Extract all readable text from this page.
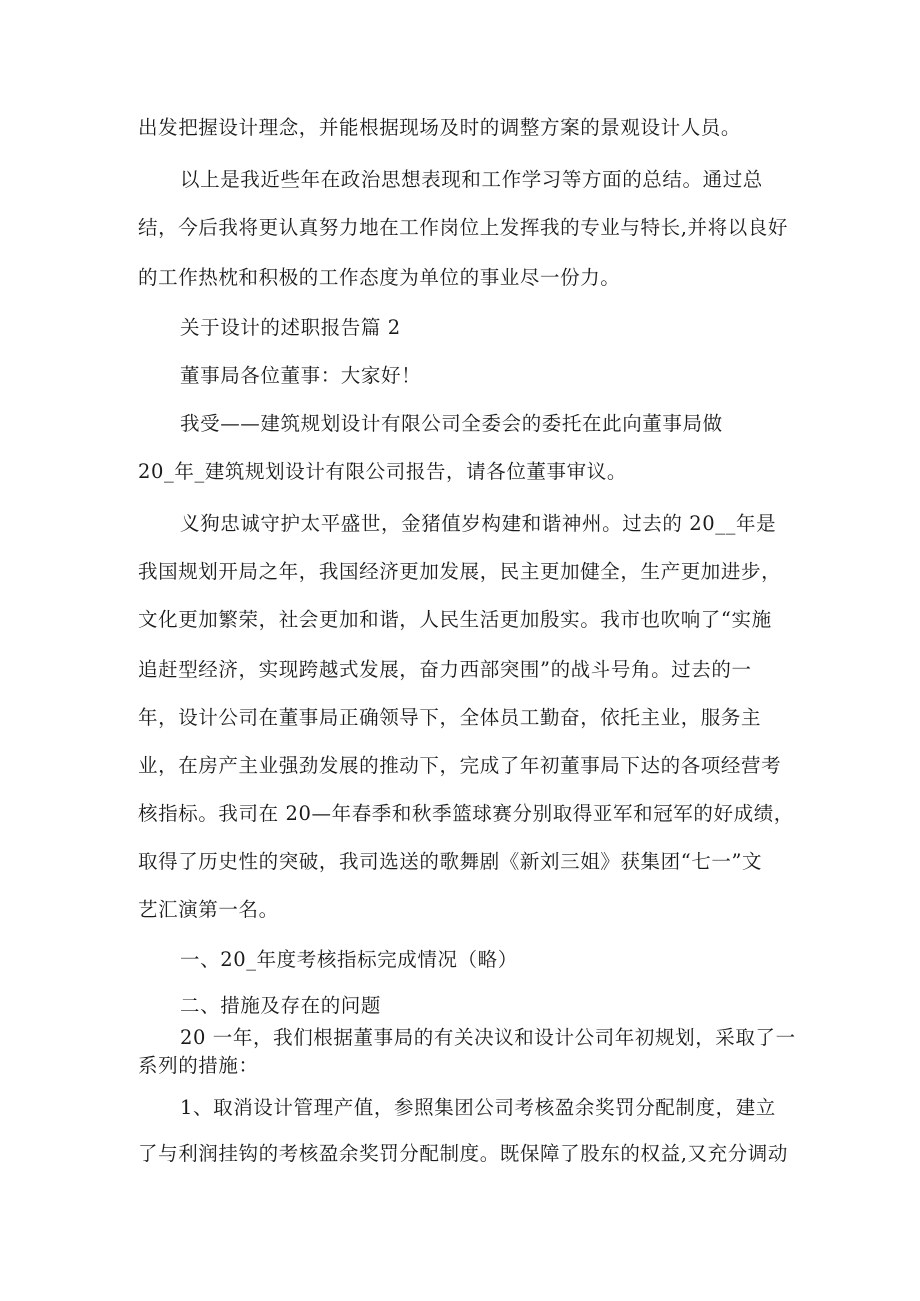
出发把握设计理念，并能根据现场及时的调整方案的景观设计人员。

以上是我近些年在政治思想表现和工作学习等方面的总结。通过总

结，今后我将更认真努力地在工作岗位上发挥我的专业与特长,并将以良好

的工作热枕和积极的工作态度为单位的事业尽一份力。

关于设计的述职报告篇 2

董事局各位董事：大家好！

我受——建筑规划设计有限公司全委会的委托在此向董事局做

20_年_建筑规划设计有限公司报告，请各位董事审议。

义狗忠诚守护太平盛世，金猪值岁构建和谐神州。过去的 20__年是

我国规划开局之年，我国经济更加发展，民主更加健全，生产更加进步，

文化更加繁荣，社会更加和谐，人民生活更加殷实。我市也吹响了“实施

追赶型经济，实现跨越式发展，奋力西部突围”的战斗号角。过去的一

年，设计公司在董事局正确领导下，全体员工勤奋，依托主业，服务主

业，在房产主业强劲发展的推动下，完成了年初董事局下达的各项经营考

核指标。我司在 20—年春季和秋季篮球赛分别取得亚军和冠军的好成绩，

取得了历史性的突破，我司选送的歌舞剧《新刘三姐》获集团“七一”文

艺汇演第一名。

一、20_年度考核指标完成情况（略）

二、措施及存在的问题

20 一年，我们根据董事局的有关决议和设计公司年初规划，采取了一

系列的措施：

1、取消设计管理产值，参照集团公司考核盈余奖罚分配制度，建立

了与利润挂钩的考核盈余奖罚分配制度。既保障了股东的权益,又充分调动
